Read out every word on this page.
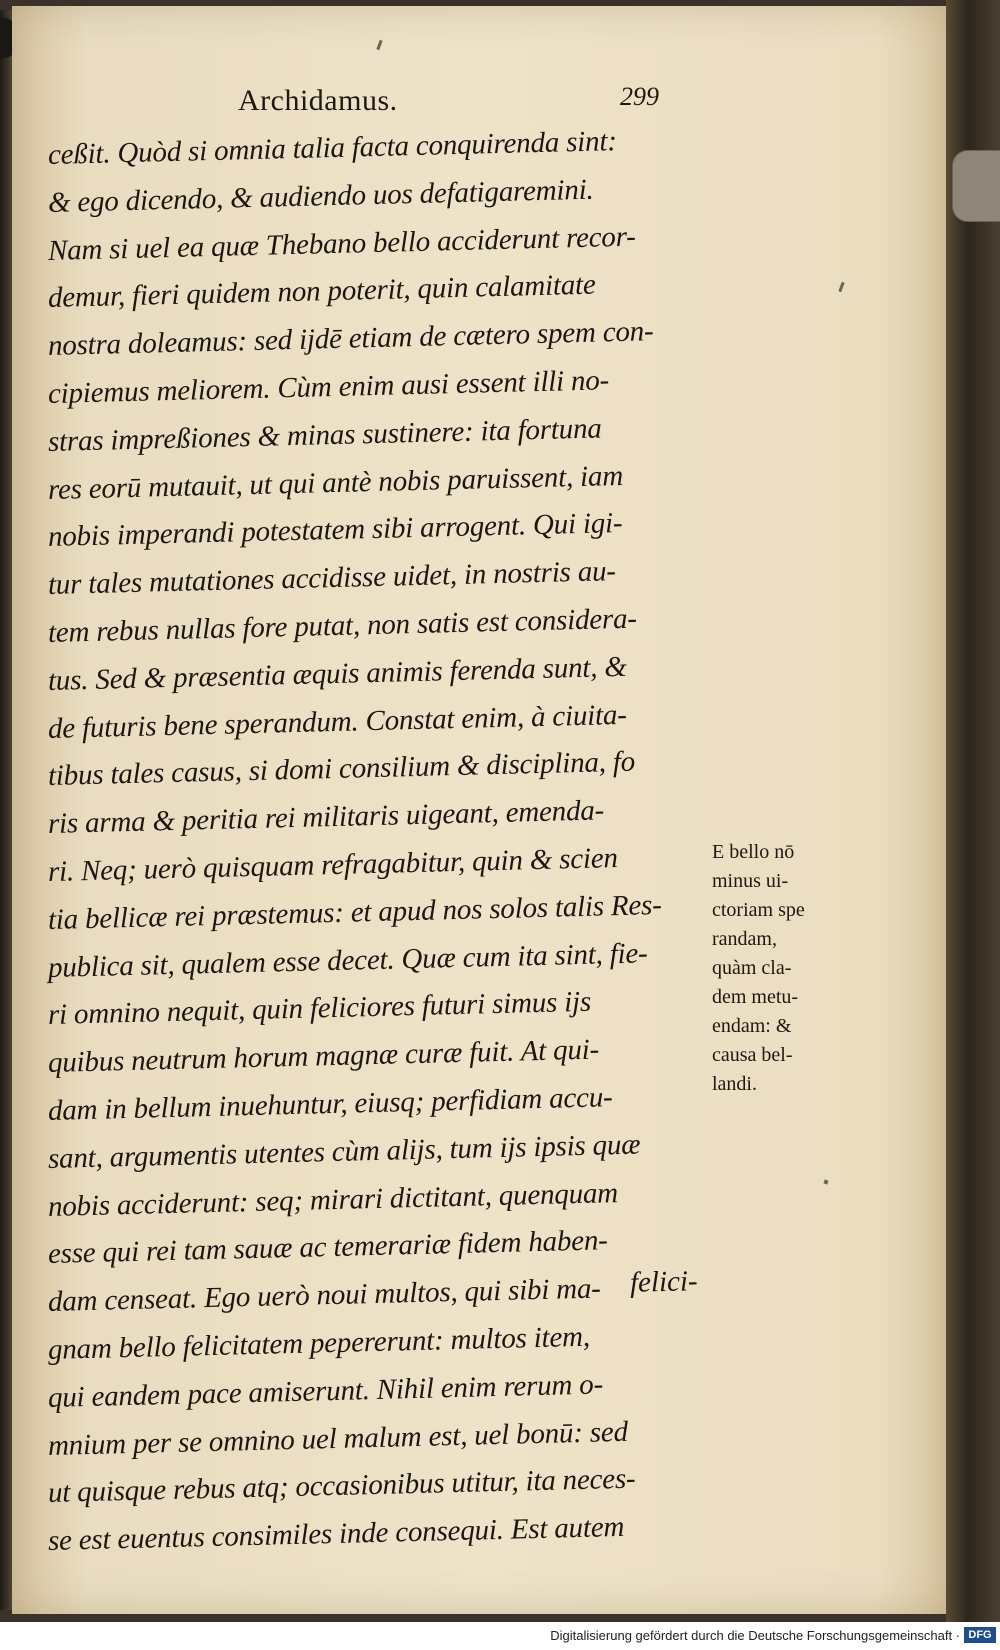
Archidamus.	299
ceßit. Quòd si omnia talia facta conquirenda sint:
& ego dicendo, & audiendo uos defatigaremini.
Nam si uel ea quæ Thebano bello acciderunt recor-
demur, fieri quidem non poterit, quin calamitate
nostra doleamus: sed ijdē etiam de cætero spem con-
cipiemus meliorem. Cùm enim ausi essent illi no-
stras impreßiones & minas sustinere: ita fortuna
res eorū mutauit, ut qui antè nobis paruissent, iam
nobis imperandi potestatem sibi arrogent. Qui igi-
tur tales mutationes accidisse uidet, in nostris au-
tem rebus nullas fore putat, non satis est considera-
tus. Sed & præsentia æquis animis ferenda sunt, &
de futuris bene sperandum. Constat enim, à ciuita-
tibus tales casus, si domi consilium & disciplina, fo
ris arma & peritia rei militaris uigeant, emenda-
ri. Neq; uerò quisquam refragabitur, quin & scien
tia bellicæ rei præstemus: et apud nos solos talis Res-
publica sit, qualem esse decet. Quæ cum ita sint, fie-
ri omnino nequit, quin feliciores futuri simus ijs
quibus neutrum horum magnæ curæ fuit. At qui-
dam in bellum inuehuntur, eiusq; perfidiam accu-
sant, argumentis utentes cùm alijs, tum ijs ipsis quæ
nobis acciderunt: seq; mirari dictitant, quenquam
esse qui rei tam sauæ ac temerariæ fidem haben-
dam censeat. Ego uerò noui multos, qui sibi ma-
gnam bello felicitatem pepererunt: multos item,
qui eandem pace amiserunt. Nihil enim rerum o-
mnium per se omnino uel malum est, uel bonū: sed
ut quisque rebus atq; occasionibus utitur, ita neces-
se est euentus consimiles inde consequi. Est autem
felici-
E bello nō
minus ui-
ctoriam spe
randam,
quàm cla-
dem metu-
endam: &
causa bel-
landi.
Digitalisierung gefördert durch die Deutsche Forschungsgemeinschaft · DFG
